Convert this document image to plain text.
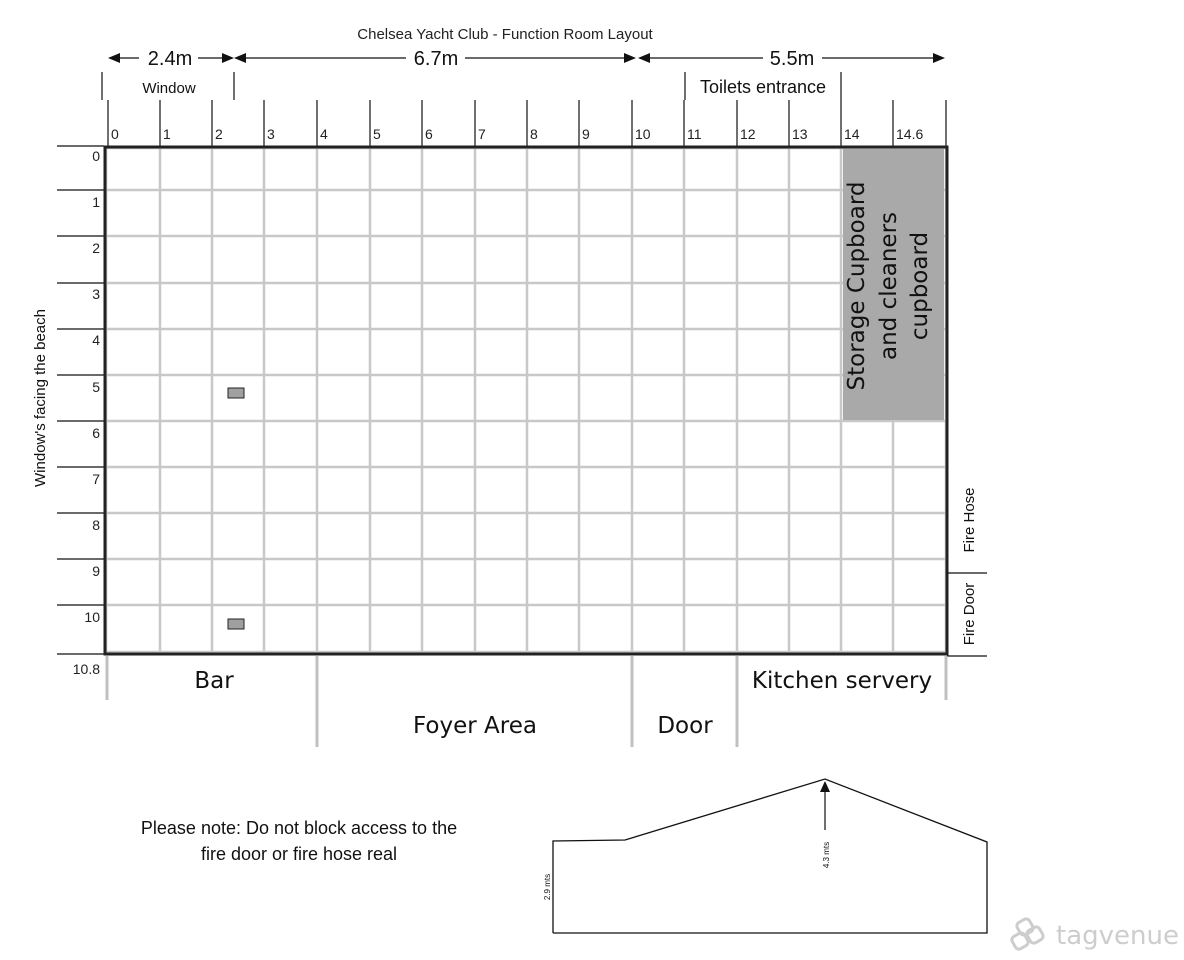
Chelsea Yacht Club - Function Room Layout
2.4m	6.7m	5.5m
Window	Toilets entrance
0	1	2	3	4	5	6	7	8	9	10	11	12	13	14	14.6
0
1
2
3
4
5
6
7
8
9
10
10.8
Storage Cupboard and cleaners cupboard
Window's facing the beach
Fire Hose
Fire Door
Bar
Foyer Area	Door
Kitchen servery
Please note: Do not block access to the
fire door or fire hose real	4.3 mts
2.9 mts
tagvenue
